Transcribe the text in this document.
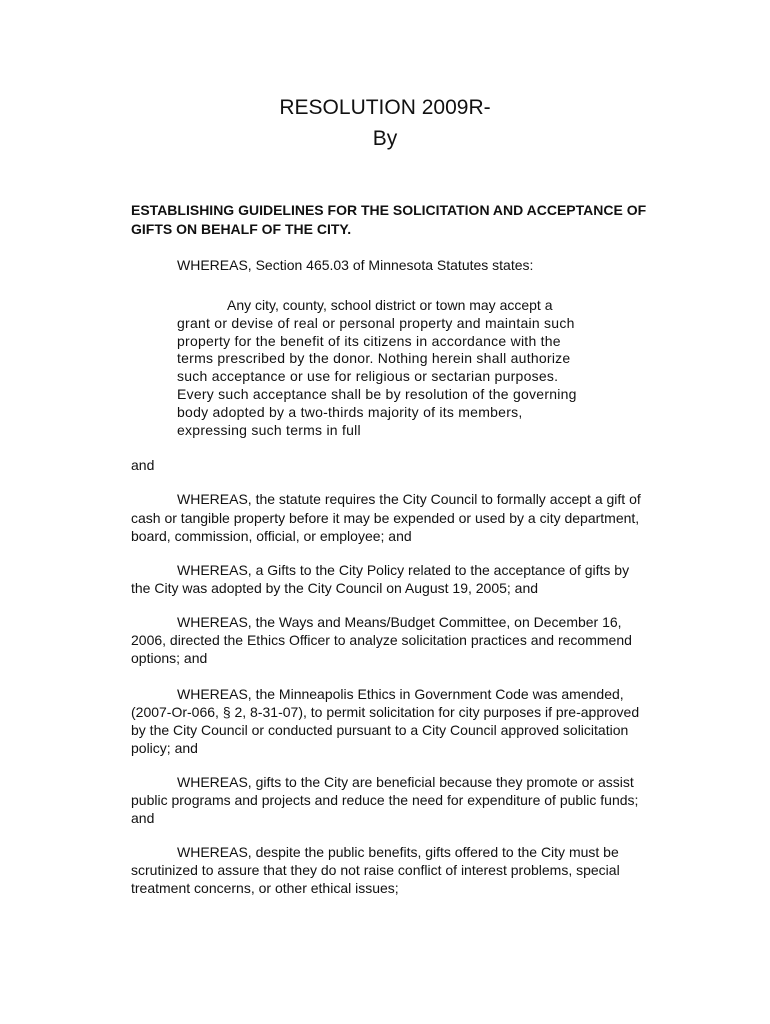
RESOLUTION 2009R-
By
ESTABLISHING GUIDELINES FOR THE SOLICITATION AND ACCEPTANCE OF GIFTS ON BEHALF OF THE CITY.
WHEREAS, Section 465.03 of Minnesota Statutes states:
Any city, county, school district or town may accept a
grant or devise of real or personal property and maintain such
property for the benefit of its citizens in accordance with the
terms prescribed by the donor. Nothing herein shall authorize
such acceptance or use for religious or sectarian purposes.
Every such acceptance shall be by resolution of the governing
body adopted by a two-thirds majority of its members,
expressing such terms in full
and
WHEREAS, the statute requires the City Council to formally accept a gift of
cash or tangible property before it may be expended or used by a city department,
board, commission, official, or employee; and
WHEREAS, a Gifts to the City Policy related to the acceptance of gifts by
the City was adopted by the City Council on August 19, 2005; and
WHEREAS, the Ways and Means/Budget Committee, on December 16,
2006, directed the Ethics Officer to analyze solicitation practices and recommend
options; and
WHEREAS, the Minneapolis Ethics in Government Code was amended,
(2007-Or-066, § 2, 8-31-07), to permit solicitation for city purposes if pre-approved
by the City Council or conducted pursuant to a City Council approved solicitation
policy; and
WHEREAS, gifts to the City are beneficial because they promote or assist
public programs and projects and reduce the need for expenditure of public funds;
and
WHEREAS, despite the public benefits, gifts offered to the City must be
scrutinized to assure that they do not raise conflict of interest problems, special
treatment concerns, or other ethical issues;
